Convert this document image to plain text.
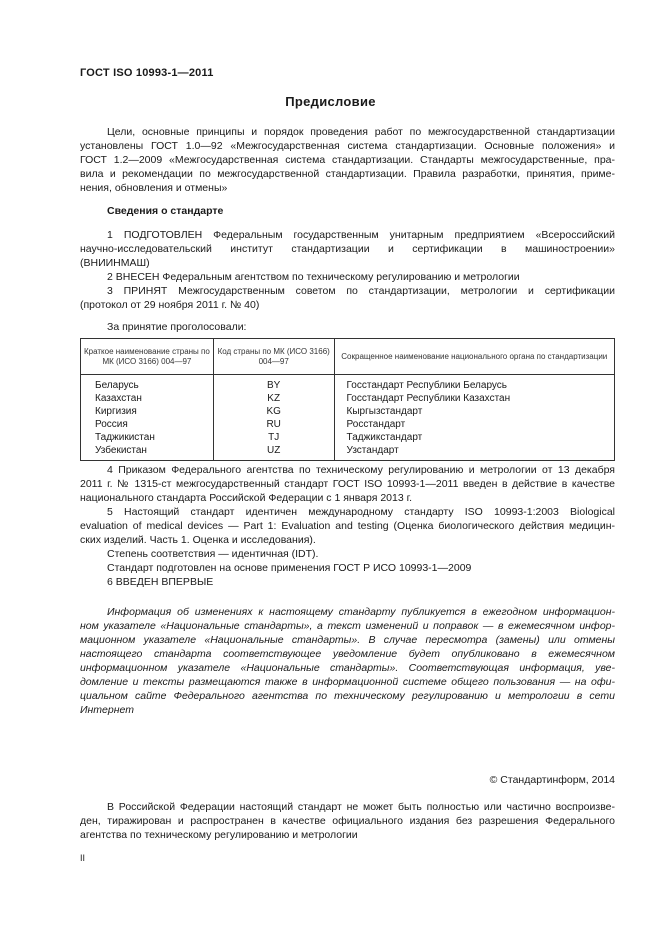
ГОСТ ISO 10993-1—2011
Предисловие
Цели, основные принципы и порядок проведения работ по межгосударственной стандартизации
установлены ГОСТ 1.0—92 «Межгосударственная система стандартизации. Основные положения» и
ГОСТ 1.2—2009 «Межгосударственная система стандартизации. Стандарты межгосударственные, пра-
вила и рекомендации по межгосударственной стандартизации. Правила разработки, принятия, приме-
нения, обновления и отмены»
Сведения о стандарте
1 ПОДГОТОВЛЕН Федеральным государственным унитарным предприятием «Всероссийский
научно-исследовательский институт стандартизации и сертификации в машиностроении»
(ВНИИНМАШ)
2 ВНЕСЕН Федеральным агентством по техническому регулированию и метрологии
3 ПРИНЯТ Межгосударственным советом по стандартизации, метрологии и сертификации
(протокол от 29 ноября 2011 г. № 40)
За принятие проголосовали:
Краткое наименование страны по МК (ИСО 3166) 004—97	Код страны по МК (ИСО 3166) 004—97	Сокращенное наименование национального органа по стандартизации
Беларусь	BY	Госстандарт Республики Беларусь
Казахстан	KZ	Госстандарт Республики Казахстан
Киргизия	KG	Кыргызстандарт
Россия	RU	Росстандарт
Таджикистан	TJ	Таджикстандарт
Узбекистан	UZ	Узстандарт
4 Приказом Федерального агентства по техническому регулированию и метрологии от 13 декабря
2011 г. № 1315-ст межгосударственный стандарт ГОСТ ISO 10993-1—2011 введен в действие в качестве
национального стандарта Российской Федерации с 1 января 2013 г.
5 Настоящий стандарт идентичен международному стандарту ISO 10993-1:2003 Biological
evaluation of medical devices — Part 1: Evaluation and testing (Оценка биологического действия медицин-
ских изделий. Часть 1. Оценка и исследования).
Степень соответствия — идентичная (IDT).
Стандарт подготовлен на основе применения ГОСТ Р ИСО 10993-1—2009
6 ВВЕДЕН ВПЕРВЫЕ
Информация об изменениях к настоящему стандарту публикуется в ежегодном информацион-
ном указателе «Национальные стандарты», а текст изменений и поправок — в ежемесячном инфор-
мационном указателе «Национальные стандарты». В случае пересмотра (замены) или отмены
настоящего стандарта соответствующее уведомление будет опубликовано в ежемесячном
информационном указателе «Национальные стандарты». Соответствующая информация, уве-
домление и тексты размещаются также в информационной системе общего пользования — на офи-
циальном сайте Федерального агентства по техническому регулированию и метрологии в сети
Интернет
© Стандартинформ, 2014
В Российской Федерации настоящий стандарт не может быть полностью или частично воспроизве-
ден, тиражирован и распространен в качестве официального издания без разрешения Федерального
агентства по техническому регулированию и метрологии
II
